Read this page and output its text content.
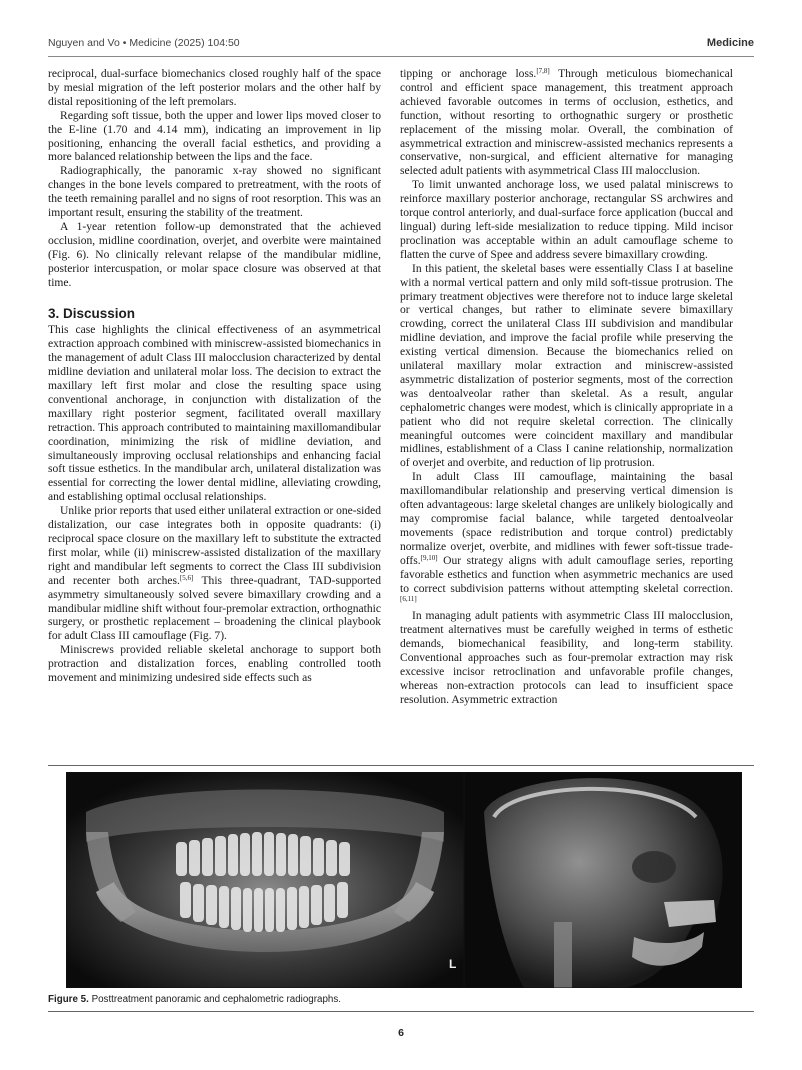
Nguyen and Vo • Medicine (2025) 104:50	Medicine

reciprocal, dual-surface biomechanics closed roughly half of the space by mesial migration of the left posterior molars and the other half by distal repositioning of the left premolars.

Regarding soft tissue, both the upper and lower lips moved closer to the E-line (1.70 and 4.14 mm), indicating an improvement in lip positioning, enhancing the overall facial esthetics, and providing a more balanced relationship between the lips and the face.

Radiographically, the panoramic x-ray showed no significant changes in the bone levels compared to pretreatment, with the roots of the teeth remaining parallel and no signs of root resorption. This was an important result, ensuring the stability of the treatment.

A 1-year retention follow-up demonstrated that the achieved occlusion, midline coordination, overjet, and overbite were maintained (Fig. 6). No clinically relevant relapse of the mandibular midline, posterior intercuspation, or molar space closure was observed at that time.

3. Discussion

This case highlights the clinical effectiveness of an asymmetrical extraction approach combined with miniscrew-assisted biomechanics in the management of adult Class III malocclusion characterized by dental midline deviation and unilateral molar loss. The decision to extract the maxillary left first molar and close the resulting space using conventional anchorage, in conjunction with distalization of the maxillary right posterior segment, facilitated overall maxillary retraction. This approach contributed to maintaining maxillomandibular coordination, minimizing the risk of midline deviation, and simultaneously improving occlusal relationships and enhancing facial soft tissue esthetics. In the mandibular arch, unilateral distalization was essential for correcting the lower dental midline, alleviating crowding, and establishing optimal occlusal relationships.

Unlike prior reports that used either unilateral extraction or one-sided distalization, our case integrates both in opposite quadrants: (i) reciprocal space closure on the maxillary left to substitute the extracted first molar, while (ii) miniscrew-assisted distalization of the maxillary right and mandibular left segments to correct the Class III subdivision and recenter both arches.[5,6] This three-quadrant, TAD-supported asymmetry simultaneously solved severe bimaxillary crowding and a mandibular midline shift without four-premolar extraction, orthognathic surgery, or prosthetic replacement – broadening the clinical playbook for adult Class III camouflage (Fig. 7).

Miniscrews provided reliable skeletal anchorage to support both protraction and distalization forces, enabling controlled tooth movement and minimizing undesired side effects such as

tipping or anchorage loss.[7,8] Through meticulous biomechanical control and efficient space management, this treatment approach achieved favorable outcomes in terms of occlusion, esthetics, and function, without resorting to orthognathic surgery or prosthetic replacement of the missing molar. Overall, the combination of asymmetrical extraction and miniscrew-assisted mechanics represents a conservative, non-surgical, and efficient alternative for managing selected adult patients with asymmetrical Class III malocclusion.

To limit unwanted anchorage loss, we used palatal miniscrews to reinforce maxillary posterior anchorage, rectangular SS archwires and torque control anteriorly, and dual-surface force application (buccal and lingual) during left-side mesialization to reduce tipping. Mild incisor proclination was acceptable within an adult camouflage scheme to flatten the curve of Spee and address severe bimaxillary crowding.

In this patient, the skeletal bases were essentially Class I at baseline with a normal vertical pattern and only mild soft-tissue protrusion. The primary treatment objectives were therefore not to induce large skeletal or vertical changes, but rather to eliminate severe bimaxillary crowding, correct the unilateral Class III subdivision and mandibular midline deviation, and improve the facial profile while preserving the existing vertical dimension. Because the biomechanics relied on unilateral maxillary molar extraction and miniscrew-assisted asymmetric distalization of posterior segments, most of the correction was dentoalveolar rather than skeletal. As a result, angular cephalometric changes were modest, which is clinically appropriate in a patient who did not require skeletal correction. The clinically meaningful outcomes were coincident maxillary and mandibular midlines, establishment of a Class I canine relationship, normalization of overjet and overbite, and reduction of lip protrusion.

In adult Class III camouflage, maintaining the basal maxillomandibular relationship and preserving vertical dimension is often advantageous: large skeletal changes are unlikely biologically and may compromise facial balance, while targeted dentoalveolar movements (space redistribution and torque control) predictably normalize overjet, overbite, and midlines with fewer soft-tissue trade-offs.[9,10] Our strategy aligns with adult camouflage series, reporting favorable esthetics and function when asymmetric mechanics are used to correct subdivision patterns without attempting skeletal correction.[6,11]

In managing adult patients with asymmetric Class III malocclusion, treatment alternatives must be carefully weighed in terms of esthetic demands, biomechanical feasibility, and long-term stability. Conventional approaches such as four-premolar extraction may risk excessive incisor retroclination and unfavorable profile changes, whereas non-extraction protocols can lead to insufficient space resolution. Asymmetric extraction

L
Figure 5. Posttreatment panoramic and cephalometric radiographs.
6
